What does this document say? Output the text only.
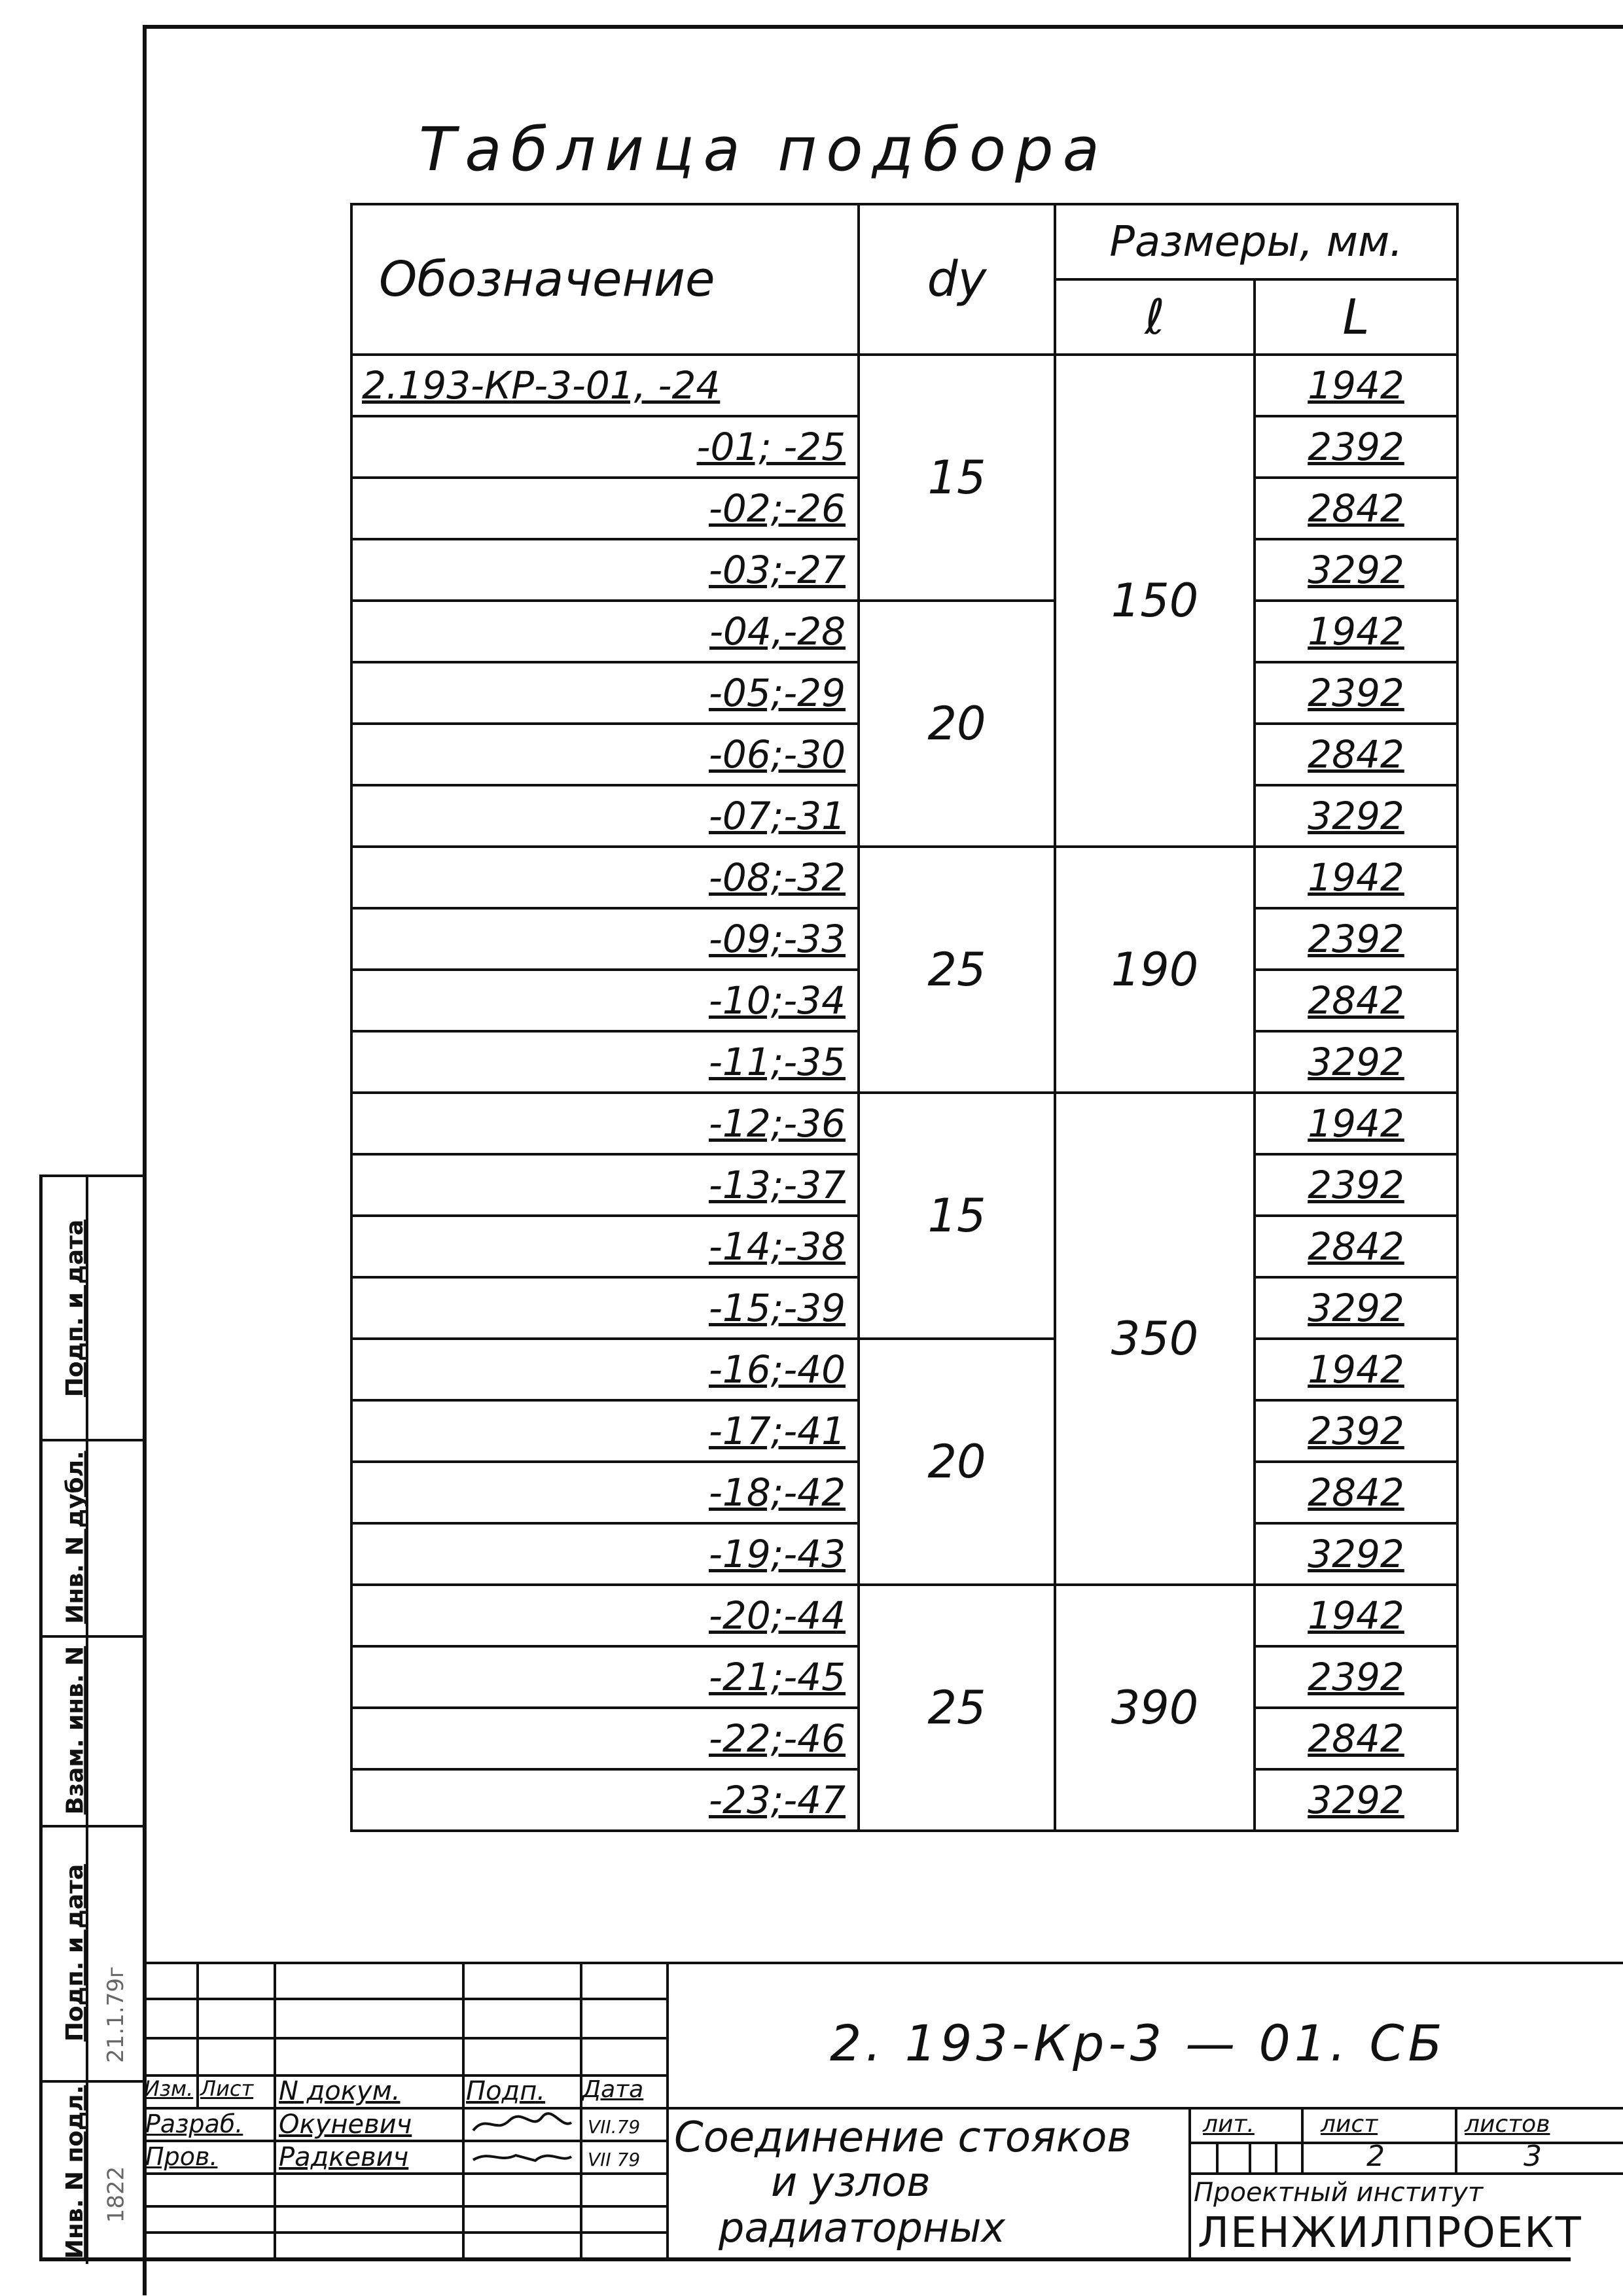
Инв. N подл.
Подп. и дата
Взам. инв. N
Инв. N дубл.
Подп. и дата
1822
21.1.79г
Таблица подбора
Обозначение	dy	Размеры, мм.	
		ℓ	L
2.193-КР-3-01, -24	15	150	1942
-01; -25			2392
-02;-26			2842
-03;-27			3292
-04,-28	20		1942
-05;-29			2392
-06;-30			2842
-07;-31			3292
-08;-32	25	190	1942
-09;-33			2392
-10;-34			2842
-11;-35			3292
-12;-36	15	350	1942
-13;-37			2392
-14;-38			2842
-15;-39			3292
-16;-40	20		1942
-17;-41			2392
-18;-42			2842
-19;-43			3292
-20;-44	25	390	1942
-21;-45			2392
-22;-46			2842
-23;-47			3292
Изм. Лист N докум.	Подп. Дата
Разраб. Окуневич	VII.79
Пров. Радкевич	VII 79
2. 193-Кр-3 — 01. СБ
Соединение стояков
и узлов
радиаторных
лит.	лист	листов
2	3
Проектный институт
ЛЕНЖИЛПРОЕКТ
